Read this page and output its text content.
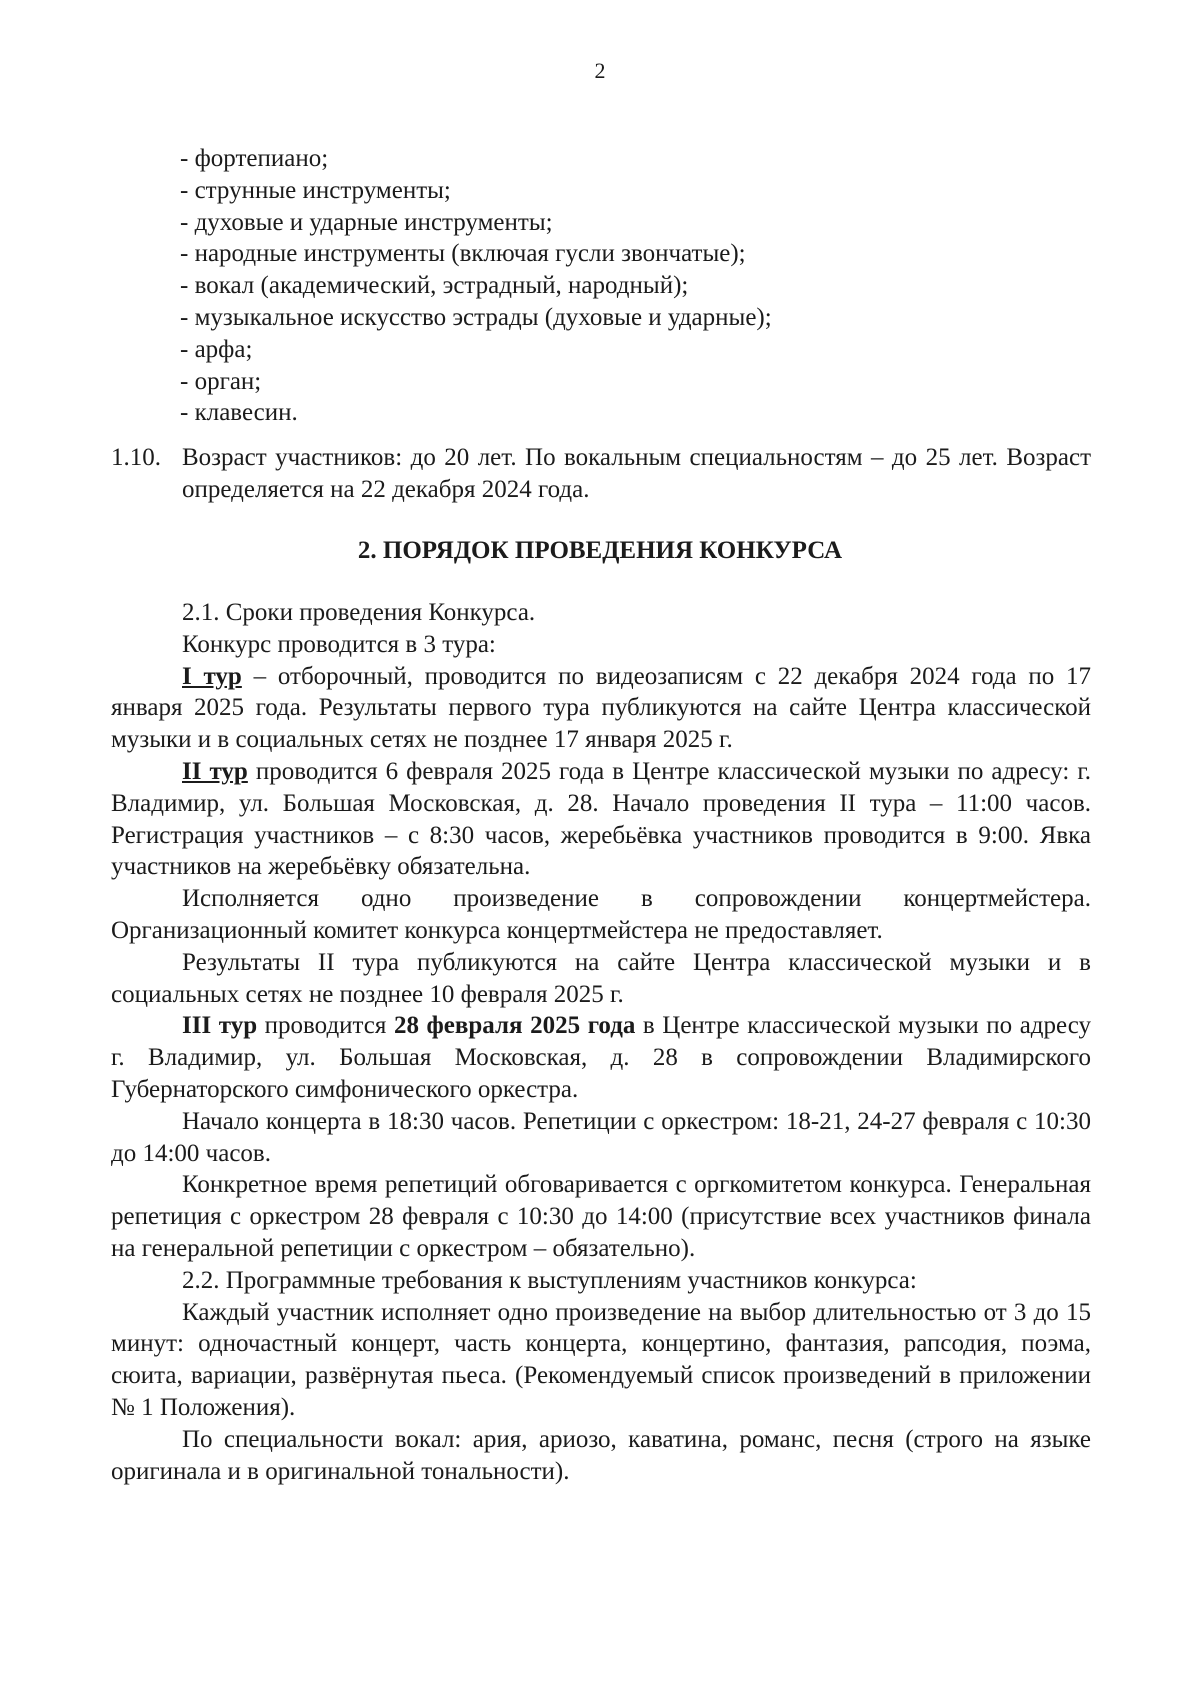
2
- фортепиано;
- струнные инструменты;
- духовые и ударные инструменты;
- народные инструменты (включая гусли звончатые);
- вокал (академический, эстрадный, народный);
- музыкальное искусство эстрады (духовые и ударные);
- арфа;
- орган;
- клавесин.
1.10. Возраст участников: до 20 лет. По вокальным специальностям – до 25 лет. Возраст определяется на 22 декабря 2024 года.
2. ПОРЯДОК ПРОВЕДЕНИЯ КОНКУРСА

2.1. Сроки проведения Конкурса.

Конкурс проводится в 3 тура:

I тур – отборочный, проводится по видеозаписям с 22 декабря 2024 года по 17 января 2025 года. Результаты первого тура публикуются на сайте Центра классической музыки и в социальных сетях не позднее 17 января 2025 г.

II тур проводится 6 февраля 2025 года в Центре классической музыки по адресу: г. Владимир, ул. Большая Московская, д. 28. Начало проведения II тура – 11:00 часов. Регистрация участников – с 8:30 часов, жеребьёвка участников проводится в 9:00. Явка участников на жеребьёвку обязательна.

Исполняется одно произведение в сопровождении концертмейстера. Организационный комитет конкурса концертмейстера не предоставляет.

Результаты II тура публикуются на сайте Центра классической музыки и в социальных сетях не позднее 10 февраля 2025 г.

III тур проводится 28 февраля 2025 года в Центре классической музыки по адресу г. Владимир, ул. Большая Московская, д. 28 в сопровождении Владимирского Губернаторского симфонического оркестра.

Начало концерта в 18:30 часов. Репетиции с оркестром: 18-21, 24-27 февраля с 10:30 до 14:00 часов.

Конкретное время репетиций обговаривается с оргкомитетом конкурса. Генеральная репетиция с оркестром 28 февраля с 10:30 до 14:00 (присутствие всех участников финала на генеральной репетиции с оркестром – обязательно).

2.2. Программные требования к выступлениям участников конкурса:

Каждый участник исполняет одно произведение на выбор длительностью от 3 до 15 минут: одночастный концерт, часть концерта, концертино, фантазия, рапсодия, поэма, сюита, вариации, развёрнутая пьеса. (Рекомендуемый список произведений в приложении № 1 Положения).

По специальности вокал: ария, ариозо, каватина, романс, песня (строго на языке оригинала и в оригинальной тональности).
